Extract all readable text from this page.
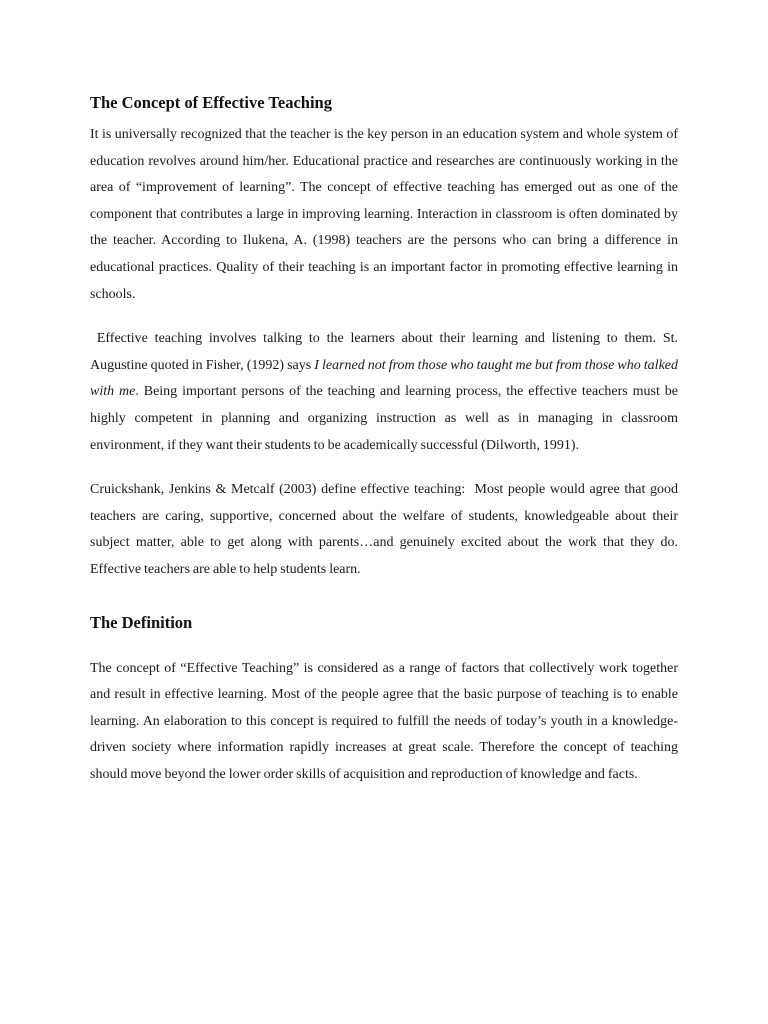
The Concept of Effective Teaching

It is universally recognized that the teacher is the key person in an education system and whole system of education revolves around him/her. Educational practice and researches are continuously working in the area of “improvement of learning”. The concept of effective teaching has emerged out as one of the component that contributes a large in improving learning. Interaction in classroom is often dominated by the teacher. According to Ilukena, A. (1998) teachers are the persons who can bring a difference in educational practices. Quality of their teaching is an important factor in promoting effective learning in schools.

Effective teaching involves talking to the learners about their learning and listening to them. St. Augustine quoted in Fisher, (1992) says I learned not from those who taught me but from those who talked with me. Being important persons of the teaching and learning process, the effective teachers must be highly competent in planning and organizing instruction as well as in managing in classroom environment, if they want their students to be academically successful (Dilworth, 1991).

Cruickshank, Jenkins & Metcalf (2003) define effective teaching:  Most people would agree that good teachers are caring, supportive, concerned about the welfare of students, knowledgeable about their subject matter, able to get along with parents…and genuinely excited about the work that they do. Effective teachers are able to help students learn.

The Definition

The concept of “Effective Teaching” is considered as a range of factors that collectively work together and result in effective learning. Most of the people agree that the basic purpose of teaching is to enable learning. An elaboration to this concept is required to fulfill the needs of today’s youth in a knowledge-driven society where information rapidly increases at great scale. Therefore the concept of teaching should move beyond the lower order skills of acquisition and reproduction of knowledge and facts.
